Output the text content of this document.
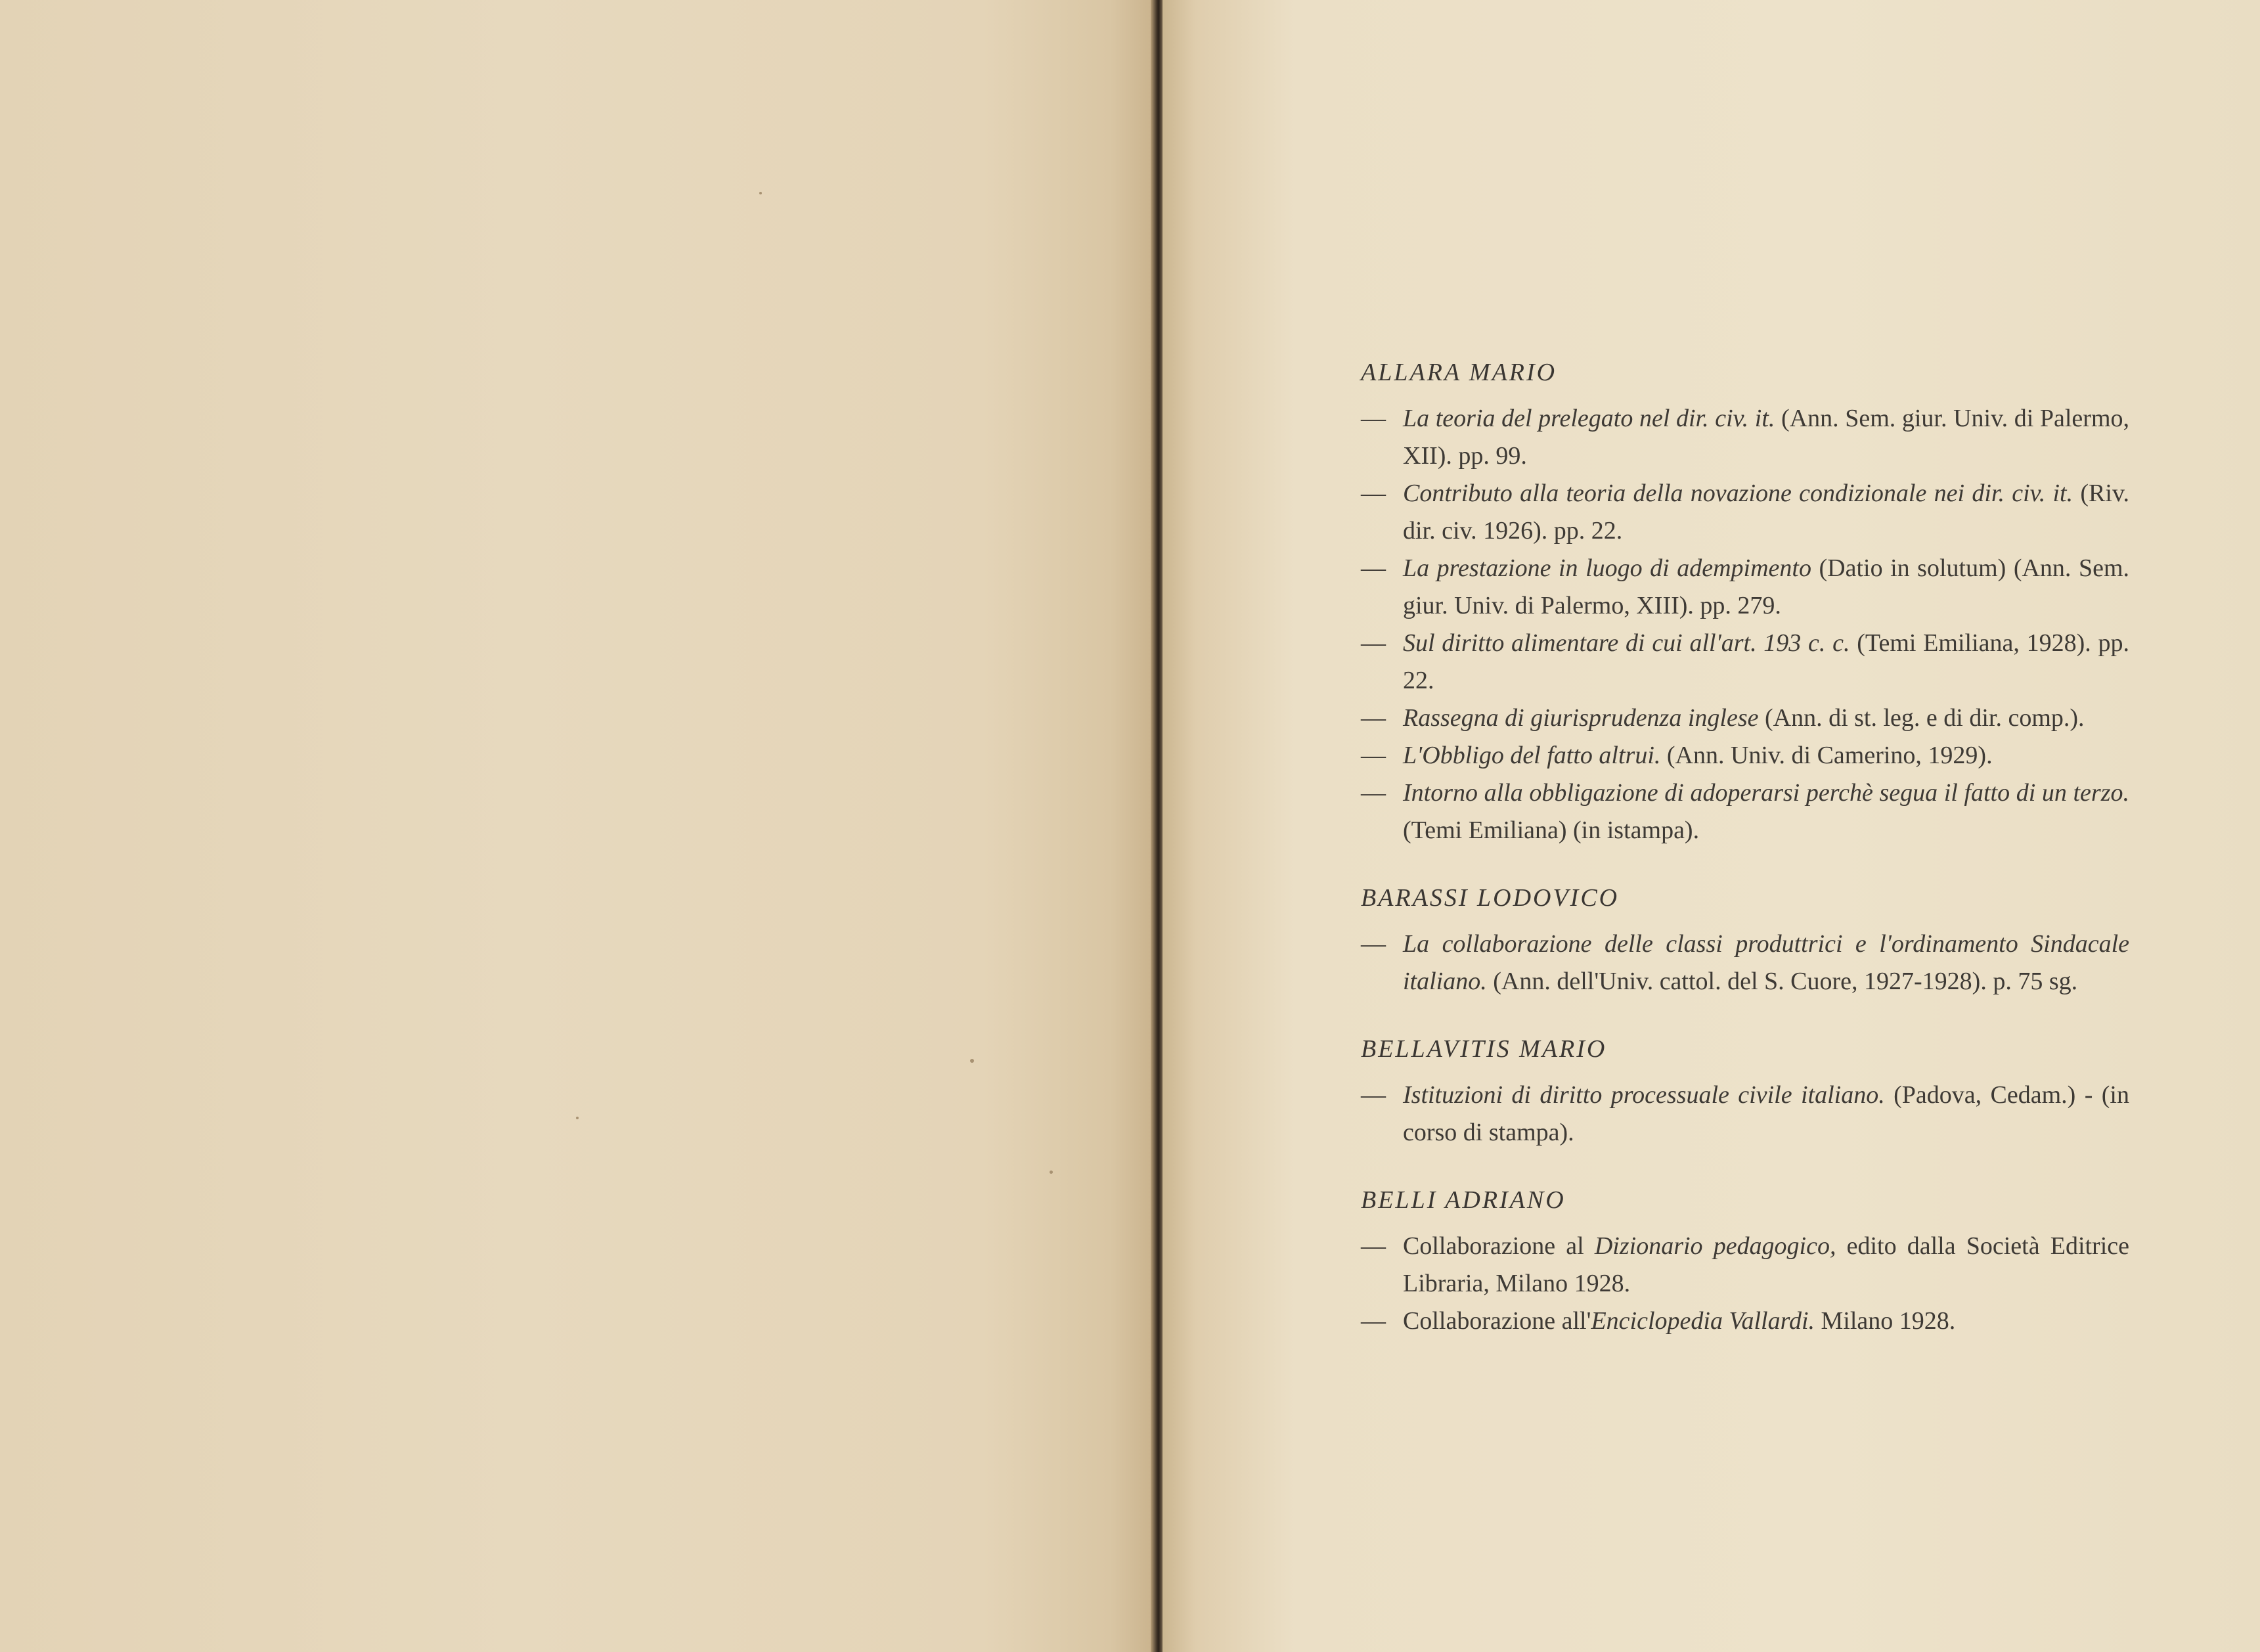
ALLARA MARIO

— La teoria del prelegato nel dir. civ. it. (Ann. Sem. giur. Univ. di Palermo, XII). pp. 99.

— Contributo alla teoria della novazione condizionale nei dir. civ. it. (Riv. dir. civ. 1926). pp. 22.

— La prestazione in luogo di adempimento (Datio in solutum) (Ann. Sem. giur. Univ. di Palermo, XIII). pp. 279.

— Sul diritto alimentare di cui all'art. 193 c. c. (Temi Emiliana, 1928). pp. 22.

— Rassegna di giurisprudenza inglese (Ann. di st. leg. e di dir. comp.).

— L'Obbligo del fatto altrui. (Ann. Univ. di Camerino, 1929).

— Intorno alla obbligazione di adoperarsi perchè segua il fatto di un terzo. (Temi Emiliana) (in istampa).

BARASSI LODOVICO

— La collaborazione delle classi produttrici e l'ordinamento Sindacale italiano. (Ann. dell'Univ. cattol. del S. Cuore, 1927-1928). p. 75 sg.

BELLAVITIS MARIO

— Istituzioni di diritto processuale civile italiano. (Padova, Cedam.) - (in corso di stampa).

BELLI ADRIANO

— Collaborazione al Dizionario pedagogico, edito dalla Società Editrice Libraria, Milano 1928.

— Collaborazione all'Enciclopedia Vallardi. Milano 1928.
